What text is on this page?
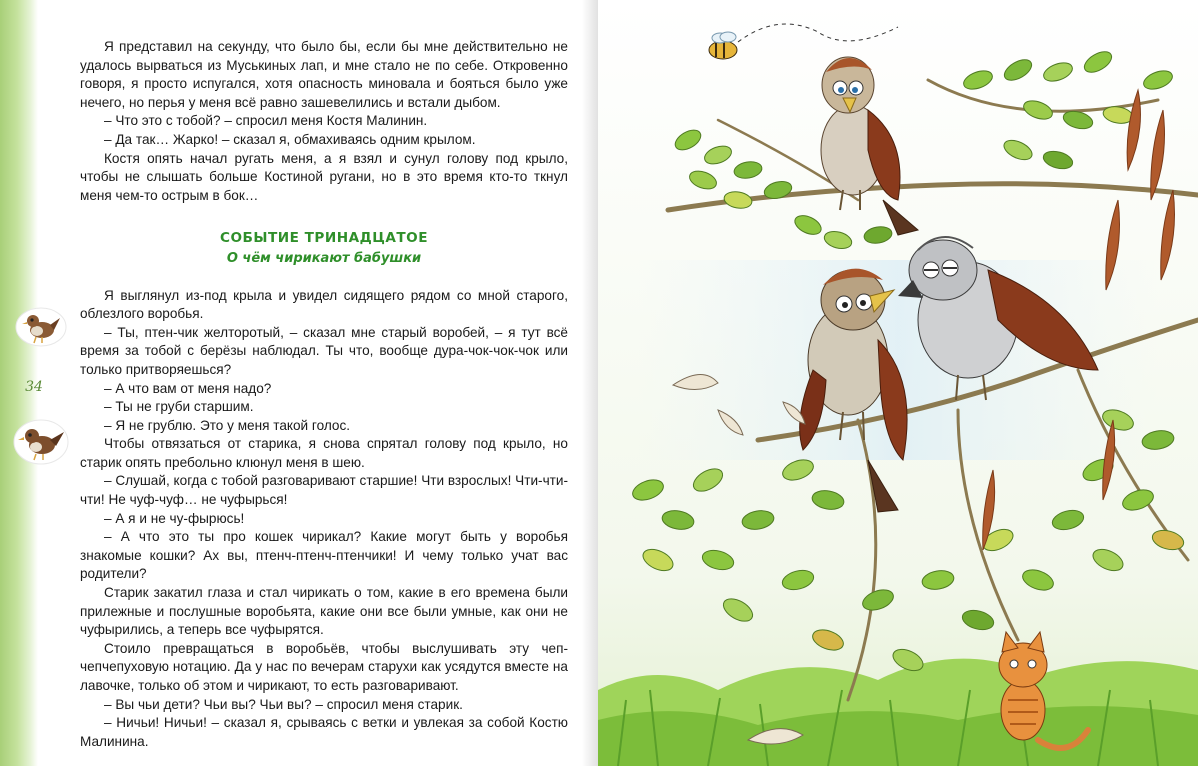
34

Я представил на секунду, что было бы, если бы мне действительно не удалось вырваться из Муськиных лап, и мне стало не по себе. Откровенно говоря, я просто испугался, хотя опасность миновала и бояться было уже нечего, но перья у меня всё равно зашевелились и встали дыбом.

– Что это с тобой? – спросил меня Костя Малинин.

– Да так… Жарко! – сказал я, обмахиваясь одним крылом.

Костя опять начал ругать меня, а я взял и сунул голову под крыло, чтобы не слышать больше Костиной ругани, но в это время кто-то ткнул меня чем-то острым в бок…

СОБЫТИЕ ТРИНАДЦАТОЕ
О чём чирикают бабушки

Я выглянул из-под крыла и увидел сидящего рядом со мной старого, облезлого воробья.

– Ты, птен-чик желторотый, – сказал мне старый воробей, – я тут всё время за тобой с берёзы наблюдал. Ты что, вообще дура-чок-чок-чок или только притворяешься?

– А что вам от меня надо?

– Ты не груби старшим.

– Я не грублю. Это у меня такой голос.

Чтобы отвязаться от старика, я снова спрятал голову под крыло, но старик опять пребольно клюнул меня в шею.

– Слушай, когда с тобой разговаривают старшие! Чти взрослых! Чти-чти-чти! Не чуф-чуф… не чуфырься!

– А я и не чу-фырюсь!

– А что это ты про кошек чирикал? Какие могут быть у воробья знакомые кошки? Ах вы, птенч-птенч-птенчики! И чему только учат вас родители?

Старик закатил глаза и стал чирикать о том, какие в его времена были прилежные и послушные воробьята, какие они все были умные, как они не чуфырились, а теперь все чуфырятся.

Стоило превращаться в воробьёв, чтобы выслушивать эту чеп-чепчепуховую нотацию. Да у нас по вечерам старухи как усядутся вместе на лавочке, только об этом и чирикают, то есть разговаривают.

– Вы чьи дети? Чьи вы? Чьи вы? – спросил меня старик.

– Ничьи! Ничьи! – сказал я, срываясь с ветки и увлекая за собой Костю Малинина.
